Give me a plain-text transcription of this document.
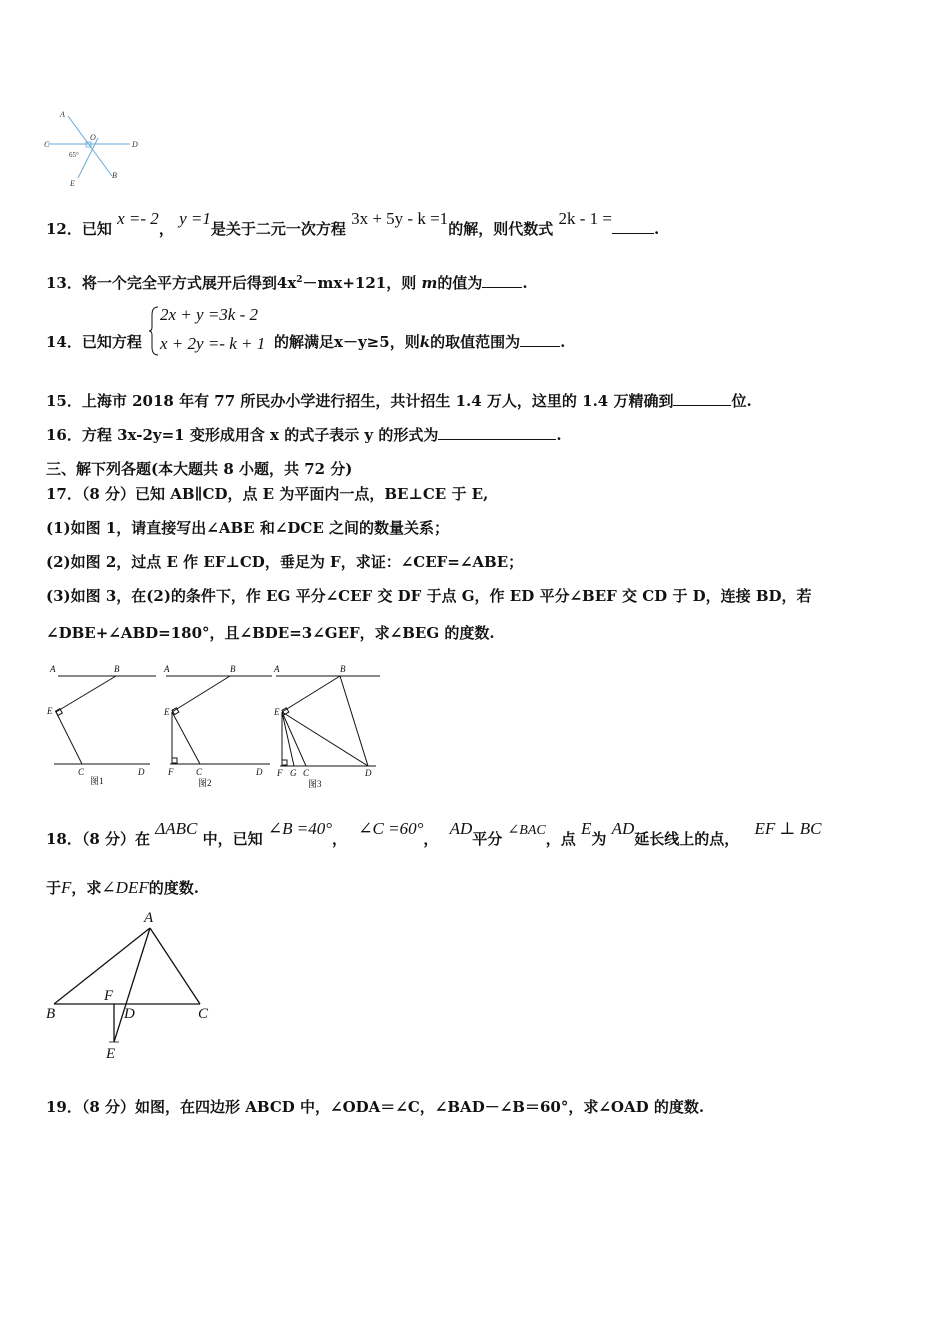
A
O
C	D
65°
E
B
12．已知 x =- 2， y =1是关于二元一次方程 3x + 5y - k =1的解，则代数式 2k - 1 =.
13．将一个完全平方式展开后得到$4x^2-mx+121$，则 m的值为	.
14．已知方程
2x + y =3k - 2
x + 2y =- k + 1 的解满足x－y≥5，则k的取值范围为	.
15．上海市 2018 年有 77 所民办小学进行招生，共计招生 1.4 万人，这里的 1.4 万精确到	位.
16．方程 3x-2y=1 变形成用含 x 的式子表示 y 的形式为	.
三、解下列各题(本大题共 8 小题，共 72 分)
17．（8 分）已知 AB∥CD，点 E 为平面内一点，BE⊥CE 于 E,
(1)如图 1，请直接写出∠ABE 和∠DCE 之间的数量关系；
(2)如图 2，过点 E 作 EF⊥CD，垂足为 F，求证：∠CEF=∠ABE；
(3)如图 3，在(2)的条件下，作 EG 平分∠CEF 交 DF 于点 G，作 ED 平分∠BEF 交 CD 于 D，连接 BD，若
∠DBE+∠ABD=180°，且∠BDE=3∠GEF，求∠BEG 的度数.
A	B
E
C	D
A	B
E
F	C	D
A	B
E
F G C	D
图1	图2	图3
18．（8 分）在 ΔABC 中，已知 ∠B =40°， ∠C =60°， AD平分 ∠BAC，点 E为 AD延长线上的点， EF ⊥ BC
于F，求∠DEF的度数.
A
B	C
D
E
F
19．（8 分）如图，在四边形 ABCD 中，∠ODA＝∠C，∠BAD－∠B＝60°，求∠OAD 的度数.
